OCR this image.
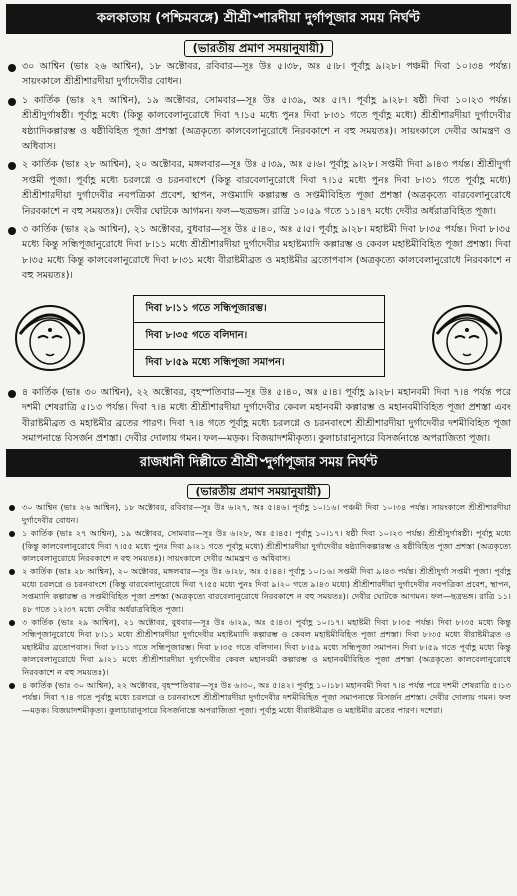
কলকাতায় (পশ্চিমবঙ্গে) শ্রীশ্রী৺শারদীয়া দুর্গাপূজার সময় নির্ঘণ্ট
(ভারতীয় প্রমাণ সময়ানুযায়ী)
৩০ আশ্বিন (ভাঃ ২৬ আশ্বিন), ১৮ অক্টোবর, রবিবার—সূঃ উঃ ৫।৩৮, অঃ ৫।৮। পূর্বাহ্ণ ৯।২৮। পঞ্চমী দিবা ১০।৩৪ পর্যন্ত। সায়ংকালে শ্রীশ্রীশারদীয়া দুর্গাদেবীর বোধন।
১ কার্তিক (ভাঃ ২৭ আশ্বিন), ১৯ অক্টোবর, সোমবার—সূঃ উঃ ৫।৩৯, অঃ ৫।৭। পূর্বাহ্ণ ৯।২৮। ষষ্ঠী দিবা ১০।২৩ পর্যন্ত। শ্রীশ্রীদুর্গাষষ্ঠী। পূর্বাহ্ণ মধ্যে (কিন্তু কালবেলানুরোধে দিবা ৭।১৫ মধ্যে পুনঃ দিবা ৮।৩১ গতে পূর্বাহ্ণ মধ্যে) শ্রীশ্রীশারদীয়া দুর্গাদেবীর ষষ্ঠ্যাদিকল্পারম্ভ ও ষষ্ঠীবিহিত পূজা প্রশস্তা (অত্রকৃত্যে কালবেলানুরোধে নিরবকাশে ন বহু সময়তঃ)। সায়ংকালে দেবীর আমন্ত্রণ ও অধিবাস।
২ কার্তিক (ভাঃ ২৮ আশ্বিন), ২০ অক্টোবর, মঙ্গলবার—সূঃ উঃ ৫।৩৯, অঃ ৫।৬। পূর্বাহ্ণ ৯।২৮। সপ্তমী দিবা ৯।৪৩ পর্যন্ত। শ্রীশ্রীদুর্গা সপ্তমী পূজা। পূর্বাহ্ণ মধ্যে চরলগ্নে ও চরনবাংশে (কিন্তু বারবেলানুরোধে দিবা ৭।১৫ মধ্যে পুনঃ দিবা ৮।৩১ গতে পূর্বাহ্ণ মধ্যে) শ্রীশ্রীশারদীয়া দুর্গাদেবীর নবপত্রিকা প্রবেশ, স্থাপন, সপ্তম্যাদি কল্পারম্ভ ও সপ্তমীবিহিত পূজা প্রশস্তা (অত্রকৃত্যে বারবেলানুরোধে নিরবকাশে ন বহু সময়তঃ)। দেবীর ঘোটকে আগমন। ফল—ছত্রভঙ্গ। রাত্রি ১০।৫৯ গতে ১১।৪৭ মধ্যে দেবীর অর্ধরাত্রবিহিত পূজা।
৩ কার্তিক (ভাঃ ২৯ আশ্বিন), ২১ অক্টোবর, বুধবার—সূঃ উঃ ৫।৪০, অঃ ৫।৫। পূর্বাহ্ণ ৯।২৮। মহাষ্টমী দিবা ৮।৩৫ পর্যন্ত। দিবা ৮।৩৫ মধ্যে কিন্তু সন্ধিপূজানুরোধে দিবা ৮।১১ মধ্যে শ্রীশ্রীশারদীয়া দুর্গাদেবীর মহাষ্টম্যাদি কল্পারম্ভ ও কেবল মহাষ্টমীবিহিত পূজা প্রশস্তা। দিবা ৮।৩৫ মধ্যে কিন্তু কালবেলানুরোধে দিবা ৮।৩১ মধ্যে বীরাষ্টমীব্রত ও মহাষ্টমীর ব্রতোপবাস (অত্রকৃত্যে কালবেলানুরোধে নিরবকাশে ন বহু সময়তঃ)।
দিবা ৮।১১ গতে সন্ধিপূজারম্ভ।
দিবা ৮।৩৫ গতে বলিদান।
দিবা ৮।৫৯ মধ্যে সন্ধিপূজা সমাপন।
৪ কার্তিক (ভাঃ ৩০ আশ্বিন), ২২ অক্টোবর, বৃহস্পতিবার—সূঃ উঃ ৫।৪০, অঃ ৫।৪। পূর্বাহ্ণ ৯।২৮। মহানবমী দিবা ৭।৪ পর্যন্ত পরে দশমী শেষরাত্রি ৫।১৩ পর্যন্ত। দিবা ৭।৪ মধ্যে শ্রীশ্রীশারদীয়া দুর্গাদেবীর কেবল মহানবমী কল্পারম্ভ ও মহানবমীবিহিত পূজা প্রশস্তা এবং বীরাষ্টমীব্রত ও মহাষ্টমীর ব্রতের পারণ। দিবা ৭।৪ গতে পূর্বাহ্ণ মধ্যে চরলগ্নে ও চরনবাংশে শ্রীশ্রীশারদীয়া দুর্গাদেবীর দশমীবিহিত পূজা সমাপনান্তে বিসর্জন প্রশস্তা। দেবীর দোলায় গমন। ফল—মড়ক। বিজয়াদশমীকৃত্য। কুলাচারানুসারে বিসর্জনান্তে অপরাজিতা পূজা।
রাজধানী দিল্লীতে শ্রীশ্রী৺দুর্গাপূজার সময় নির্ঘণ্ট
(ভারতীয় প্রমাণ সময়ানুযায়ী)
৩০ আশ্বিন (ভাঃ ২৬ আশ্বিন), ১৮ অক্টোবর, রবিবার—সূঃ উঃ ৬।২৭, অঃ ৫।৪৬। পূর্বাহ্ণ ১০।১৬। পঞ্চমী দিবা ১০।৩৪ পর্যন্ত। সায়ংকালে শ্রীশ্রীশারদীয়া দুর্গাদেবীর বোধন।
১ কার্তিক (ভাঃ ২৭ আশ্বিন), ১৯ অক্টোবর, সোমবার—সূঃ উঃ ৬।২৮, অঃ ৫।৪৫। পূর্বাহ্ণ ১০।১৭। ষষ্ঠী দিবা ১০।২৩ পর্যন্ত। শ্রীশ্রীদুর্গাষষ্ঠী। পূর্বাহ্ণ মধ্যে (কিন্তু কালবেলানুরোধে দিবা ৭।৫৫ মধ্যে পুনঃ দিবা ৯।২১ গতে পূর্বাহ্ণ মধ্যে) শ্রীশ্রীশারদীয়া দুর্গাদেবীর ষষ্ঠ্যাদিকল্পারম্ভ ও ষষ্ঠীবিহিত পূজা প্রশস্তা (অত্রকৃত্যে কালবেলানুরোধে নিরবকাশে ন বহু সময়তঃ)। সায়ংকালে দেবীর আমন্ত্রণ ও অধিবাস।
২ কার্তিক (ভাঃ ২৮ আশ্বিন), ২০ অক্টোবর, মঙ্গলবার—সূঃ উঃ ৬।২৮, অঃ ৫।৪৪। পূর্বাহ্ণ ১০।১৬। সপ্তমী দিবা ৯।৪৩ পর্যন্ত। শ্রীশ্রীদুর্গা সপ্তমী পূজা। পূর্বাহ্ণ মধ্যে চরলগ্নে ও চরনবাংশে (কিন্তু বারবেলানুরোধে দিবা ৭।৫৫ মধ্যে পুনঃ দিবা ৯।২০ গতে ৯।৪৩ মধ্যে) শ্রীশ্রীশারদীয়া দুর্গাদেবীর নবপত্রিকা প্রবেশ, স্থাপন, সপ্তম্যাদি কল্পারম্ভ ও সপ্তমীবিহিত পূজা প্রশস্তা (অত্রকৃত্যে বারবেলানুরোধে নিরবকাশে ন বহু সময়তঃ)। দেবীর ঘোটকে আগমন। ফল—ছত্রভঙ্গ। রাত্রি ১১।৪৮ গতে ১২।৩৭ মধ্যে দেবীর অর্ধরাত্রবিহিত পূজা।
৩ কার্তিক (ভাঃ ২৯ আশ্বিন), ২১ অক্টোবর, বুধবার—সূঃ উঃ ৬।২৯, অঃ ৫।৪৩। পূর্বাহ্ণ ১০।১৭। মহাষ্টমী দিবা ৮।৩৫ পর্যন্ত। দিবা ৮।৩৫ মধ্যে কিন্তু সন্ধিপূজানুরোধে দিবা ৮।১১ মধ্যে শ্রীশ্রীশারদীয়া দুর্গাদেবীর মহাষ্টম্যাদি কল্পারম্ভ ও কেবল মহাষ্টমীবিহিত পূজা প্রশস্তা। দিবা ৮।৩৫ মধ্যে বীরাষ্টমীব্রত ও মহাষ্টমীর ব্রতোপবাস। দিবা ৮।১১ গতে সন্ধিপূজারম্ভ। দিবা ৮।৩৫ গতে বলিদান। দিবা ৮।৫৯ মধ্যে সন্ধিপূজা সমাপন। দিবা ৮।৫৯ গতে পূর্বাহ্ণ মধ্যে কিন্তু কালবেলানুরোধে দিবা ৯।২১ মধ্যে শ্রীশ্রীশারদীয়া দুর্গাদেবীর কেবল মহানবমী কল্পারম্ভ ও মহানবমীবিহিত পূজা প্রশস্তা (অত্রকৃত্যে কালবেলানুরোধে নিরবকাশে ন বহু সময়তঃ)।
৪ কার্তিক (ভাঃ ৩০ আশ্বিন), ২২ অক্টোবর, বৃহস্পতিবার—সূঃ উঃ ৬।৩০, অঃ ৫।৪২। পূর্বাহ্ণ ১০।১৮। মহানবমী দিবা ৭।৪ পর্যন্ত পরে দশমী শেষরাত্রি ৫।১৩ পর্যন্ত। দিবা ৭।৪ গতে পূর্বাহ্ণ মধ্যে চরলগ্নে ও চরনবাংশে শ্রীশ্রীশারদীয়া দুর্গাদেবীর দশমীবিহিত পূজা সমাপনান্তে বিসর্জন প্রশস্তা। দেবীর দোলায় গমন। ফল—মড়ক। বিজয়াদশমীকৃত্য। কুলাচারানুসারে বিসর্জনান্তে অপরাজিতা পূজা। পূর্বাহ্ণ মধ্যে বীরাষ্টমীব্রত ও মহাষ্টমীর ব্রতের পারণ। দশেরা।
